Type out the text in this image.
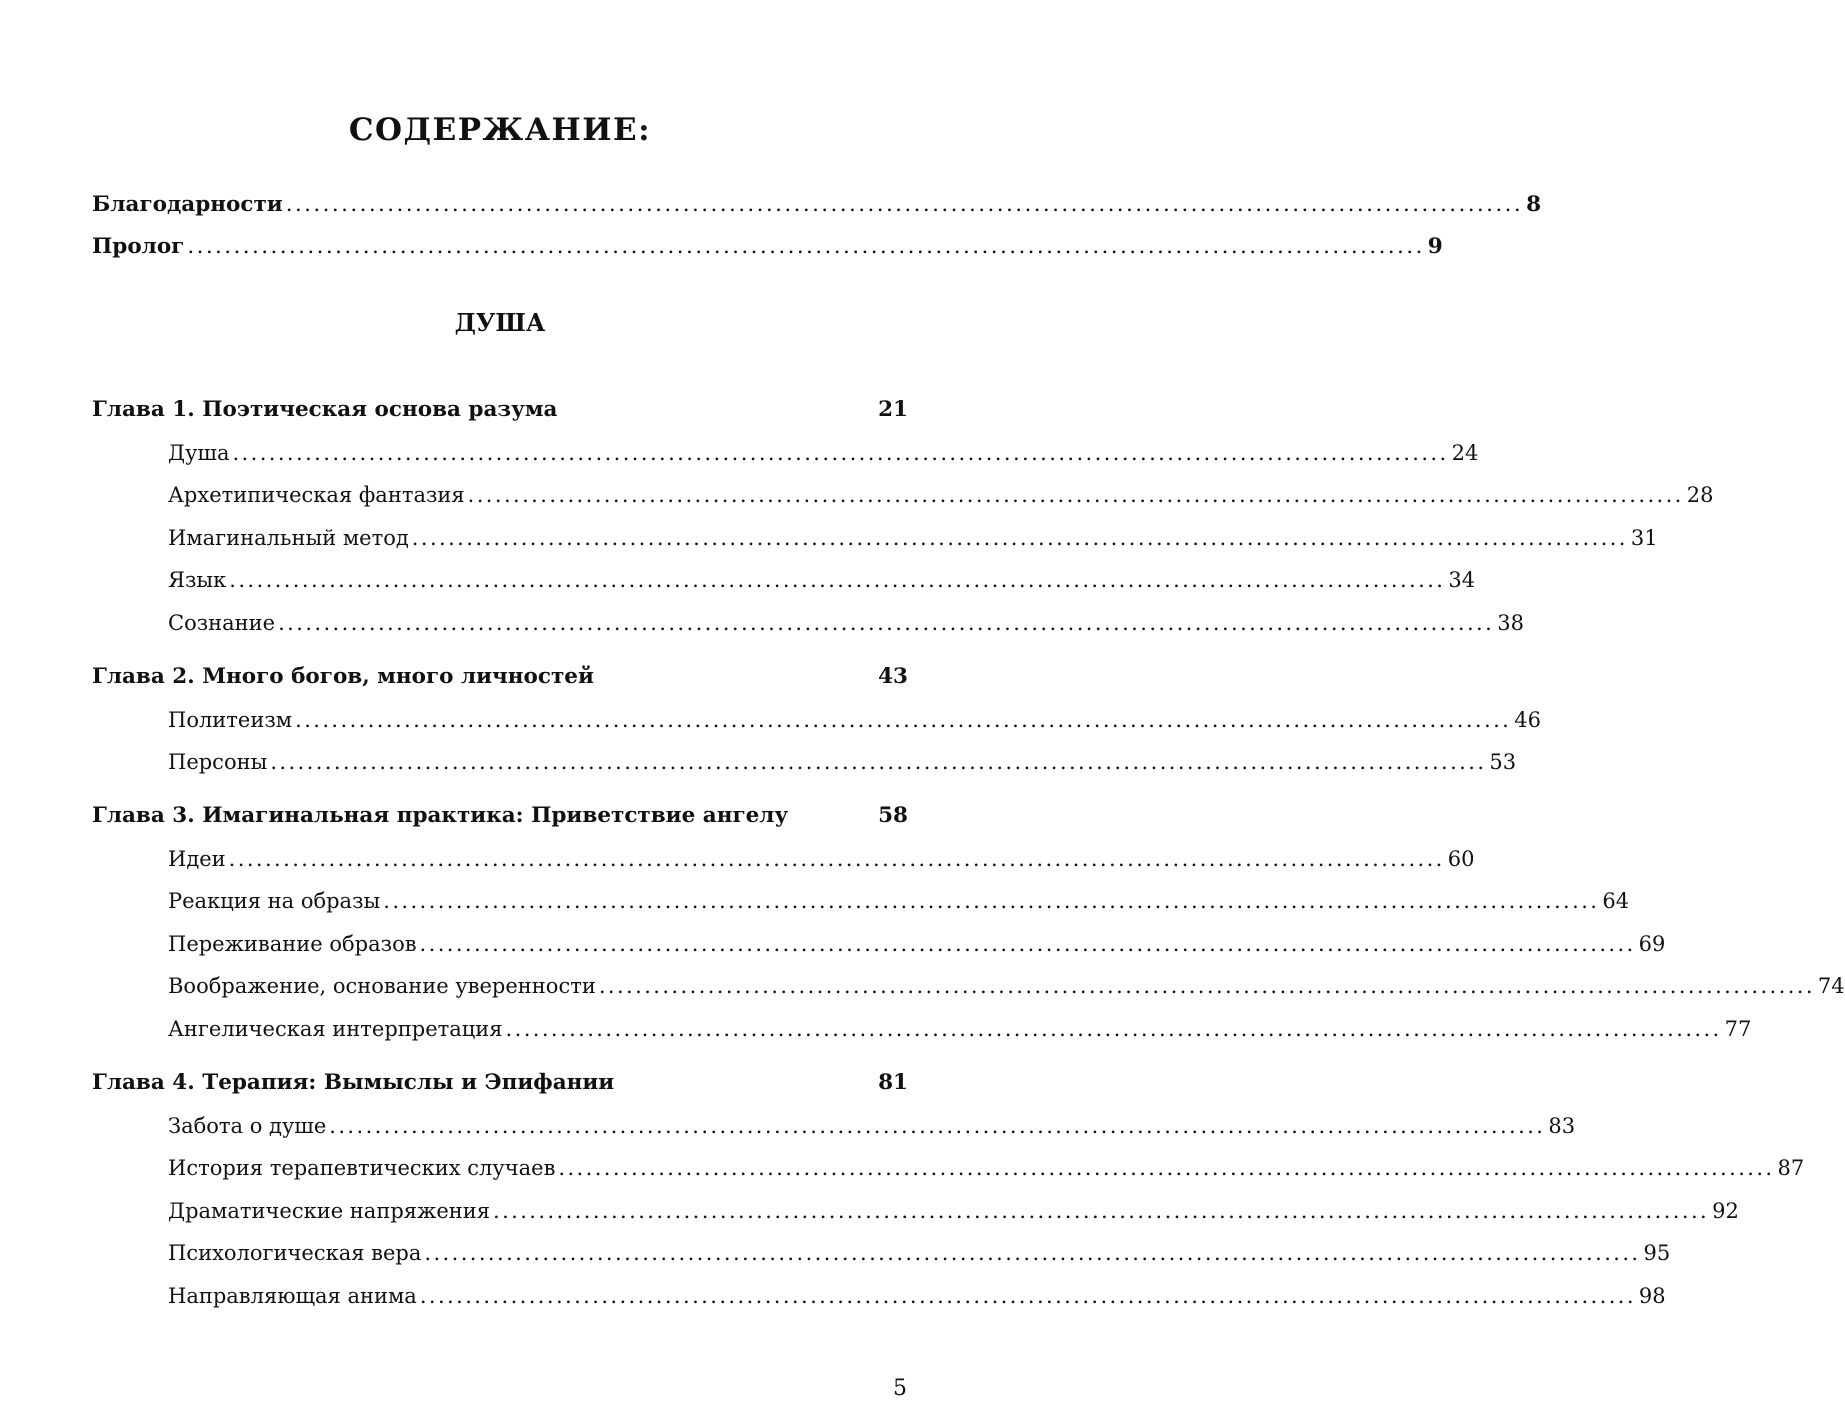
СОДЕРЖАНИЕ:
Благодарности ...................................................................................................................................... 8
Пролог ...................................................................................................................................... 9
ДУША
Глава 1. Поэтическая основа разума	21
Душа ...................................................................................................................................... 24
Архетипическая фантазия ...................................................................................................................................... 28
Имагинальный метод ...................................................................................................................................... 31
Язык ...................................................................................................................................... 34
Сознание ...................................................................................................................................... 38
Глава 2. Много богов, много личностей	43
Политеизм ...................................................................................................................................... 46
Персоны ...................................................................................................................................... 53
Глава 3. Имагинальная практика: Приветствие ангелу	58
Идеи ...................................................................................................................................... 60
Реакция на образы ...................................................................................................................................... 64
Переживание образов ...................................................................................................................................... 69
Воображение, основание уверенности ...................................................................................................................................... 74
Ангелическая интерпретация ...................................................................................................................................... 77
Глава 4. Терапия: Вымыслы и Эпифании	81
Забота о душе ...................................................................................................................................... 83
История терапевтических случаев ...................................................................................................................................... 87
Драматические напряжения ...................................................................................................................................... 92
Психологическая вера ...................................................................................................................................... 95
Направляющая анима ...................................................................................................................................... 98
5
